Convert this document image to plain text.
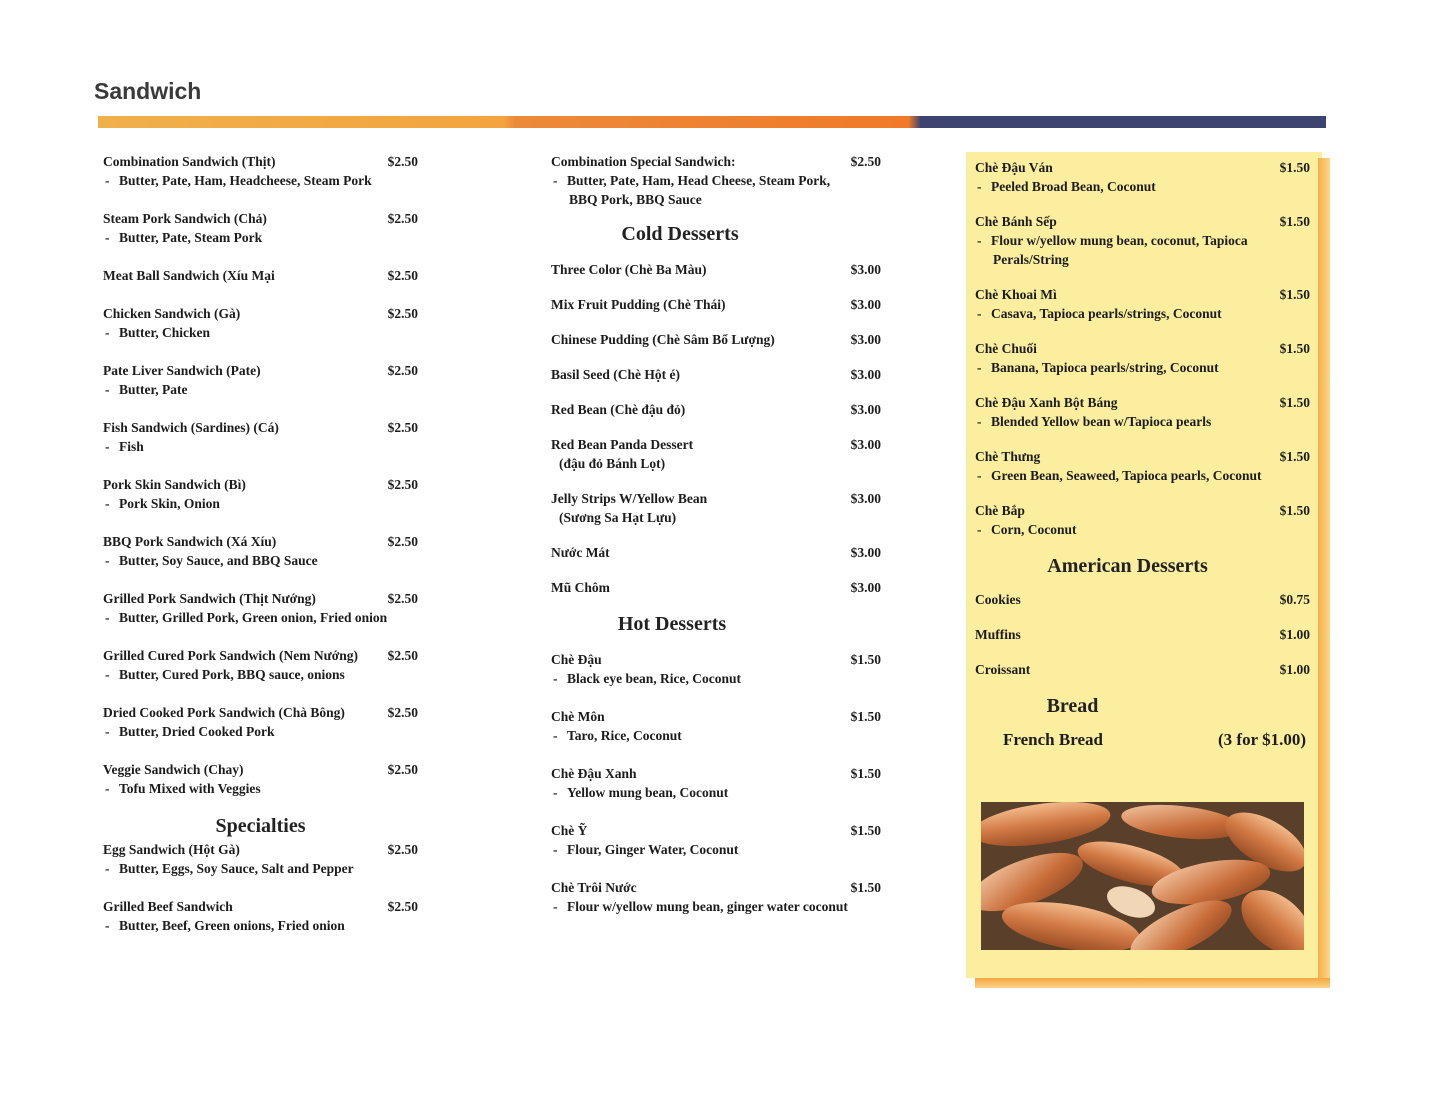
Sandwich
Combination Sandwich (Thịt)	$2.50
- Butter, Pate, Ham, Headcheese, Steam Pork
Steam Pork Sandwich (Chả)	$2.50
- Butter, Pate, Steam Pork
Meat Ball Sandwich (Xíu Mại	$2.50
Chicken Sandwich (Gà)	$2.50
- Butter, Chicken
Pate Liver Sandwich (Pate)	$2.50
- Butter, Pate
Fish Sandwich (Sardines) (Cá)	$2.50
- Fish
Pork Skin Sandwich (Bì)	$2.50
- Pork Skin, Onion
BBQ Pork Sandwich (Xá Xíu)	$2.50
- Butter, Soy Sauce, and BBQ Sauce
Grilled Pork Sandwich (Thịt Nướng)	$2.50
- Butter, Grilled Pork, Green onion, Fried onion
Grilled Cured Pork Sandwich (Nem Nướng) $2.50
- Butter, Cured Pork, BBQ sauce, onions
Dried Cooked Pork Sandwich (Chà Bông)	$2.50
- Butter, Dried Cooked Pork
Veggie Sandwich (Chay)	$2.50
- Tofu Mixed with Veggies
Specialties
Egg Sandwich (Hột Gà)	$2.50
- Butter, Eggs, Soy Sauce, Salt and Pepper
Grilled Beef Sandwich	$2.50
- Butter, Beef, Green onions, Fried onion
Combination Special Sandwich:	$2.50
- Butter, Pate, Ham, Head Cheese, Steam Pork,
BBQ Pork, BBQ Sauce
Cold Desserts
Three Color (Chè Ba Màu)	$3.00
Mix Fruit Pudding (Chè Thái)	$3.00
Chinese Pudding (Chè Sâm Bổ Lượng)	$3.00
Basil Seed (Chè Hột é)	$3.00
Red Bean (Chè đậu đỏ)	$3.00
Red Bean Panda Dessert	$3.00
(đậu đỏ Bánh Lọt)
Jelly Strips W/Yellow Bean	$3.00
(Sương Sa Hạt Lựu)
Nước Mát	$3.00
Mũ Chôm	$3.00
Hot Desserts
Chè Đậu	$1.50
- Black eye bean, Rice, Coconut
Chè Môn	$1.50
- Taro, Rice, Coconut
Chè Đậu Xanh	$1.50
- Yellow mung bean, Coconut
Chè Ỹ	$1.50
- Flour, Ginger Water, Coconut
Chè Trôi Nước	$1.50
- Flour w/yellow mung bean, ginger water coconut
Chè Đậu Ván	$1.50
- Peeled Broad Bean, Coconut
Chè Bánh Sếp	$1.50
- Flour w/yellow mung bean, coconut, Tapioca
Perals/String
Chè Khoai Mì	$1.50
- Casava, Tapioca pearls/strings, Coconut
Chè Chuối	$1.50
- Banana, Tapioca pearls/string, Coconut
Chè Đậu Xanh Bột Báng	$1.50
- Blended Yellow bean w/Tapioca pearls
Chè Thưng	$1.50
- Green Bean, Seaweed, Tapioca pearls, Coconut
Chè Bắp	$1.50
- Corn, Coconut
American Desserts
Cookies	$0.75
Muffins	$1.00
Croissant	$1.00
Bread
French Bread	(3 for $1.00)
